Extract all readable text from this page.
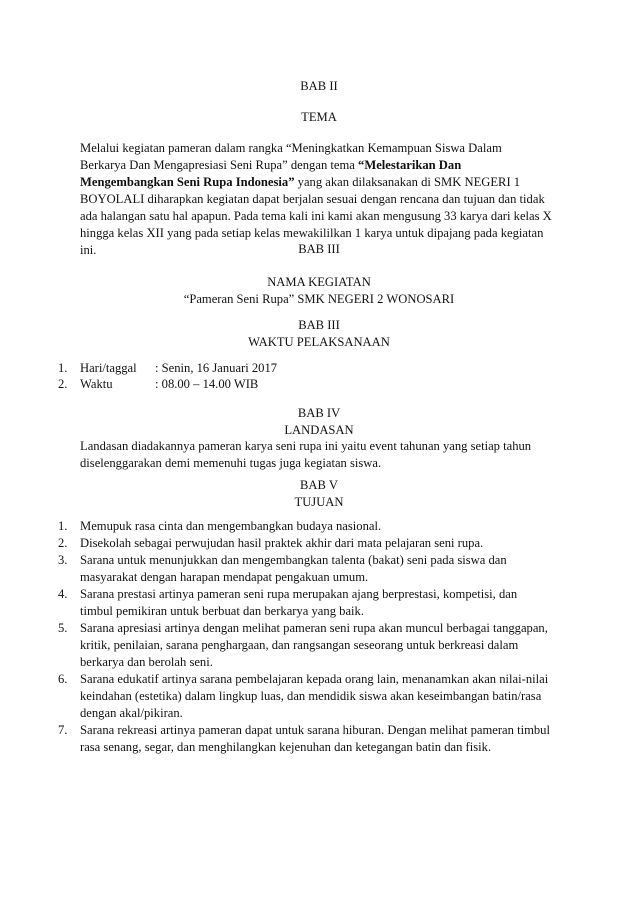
BAB II
TEMA
Melalui kegiatan pameran dalam rangka “Meningkatkan Kemampuan Siswa Dalam
Berkarya Dan Mengapresiasi Seni Rupa” dengan tema “Melestarikan Dan
Mengembangkan Seni Rupa Indonesia” yang akan dilaksanakan di SMK NEGERI 1
BOYOLALI diharapkan kegiatan dapat berjalan sesuai dengan rencana dan tujuan dan tidak
ada halangan satu hal apapun. Pada tema kali ini kami akan mengusung 33 karya dari kelas X
hingga kelas XII yang pada setiap kelas mewakililkan 1 karya untuk dipajang pada kegiatan
ini.	BAB III
NAMA KEGIATAN
“Pameran Seni Rupa” SMK NEGERI 2 WONOSARI
BAB III
WAKTU PELAKSANAAN
1. Hari/taggal : Senin, 16 Januari 2017
2. Waktu	: 08.00 – 14.00 WIB
BAB IV
LANDASAN
Landasan diadakannya pameran karya seni rupa ini yaitu event tahunan yang setiap tahun
diselenggarakan demi memenuhi tugas juga kegiatan siswa.
BAB V
TUJUAN
1. Memupuk rasa cinta dan mengembangkan budaya nasional.
2. Disekolah sebagai perwujudan hasil praktek akhir dari mata pelajaran seni rupa.
3. Sarana untuk menunjukkan dan mengembangkan talenta (bakat) seni pada siswa dan
masyarakat dengan harapan mendapat pengakuan umum.
4. Sarana prestasi artinya pameran seni rupa merupakan ajang berprestasi, kompetisi, dan
timbul pemikiran untuk berbuat dan berkarya yang baik.
5. Sarana apresiasi artinya dengan melihat pameran seni rupa akan muncul berbagai tanggapan,
kritik, penilaian, sarana penghargaan, dan rangsangan seseorang untuk berkreasi dalam
berkarya dan berolah seni.
6. Sarana edukatif artinya sarana pembelajaran kepada orang lain, menanamkan akan nilai-nilai
keindahan (estetika) dalam lingkup luas, dan mendidik siswa akan keseimbangan batin/rasa
dengan akal/pikiran.
7. Sarana rekreasi artinya pameran dapat untuk sarana hiburan. Dengan melihat pameran timbul
rasa senang, segar, dan menghilangkan kejenuhan dan ketegangan batin dan fisik.
